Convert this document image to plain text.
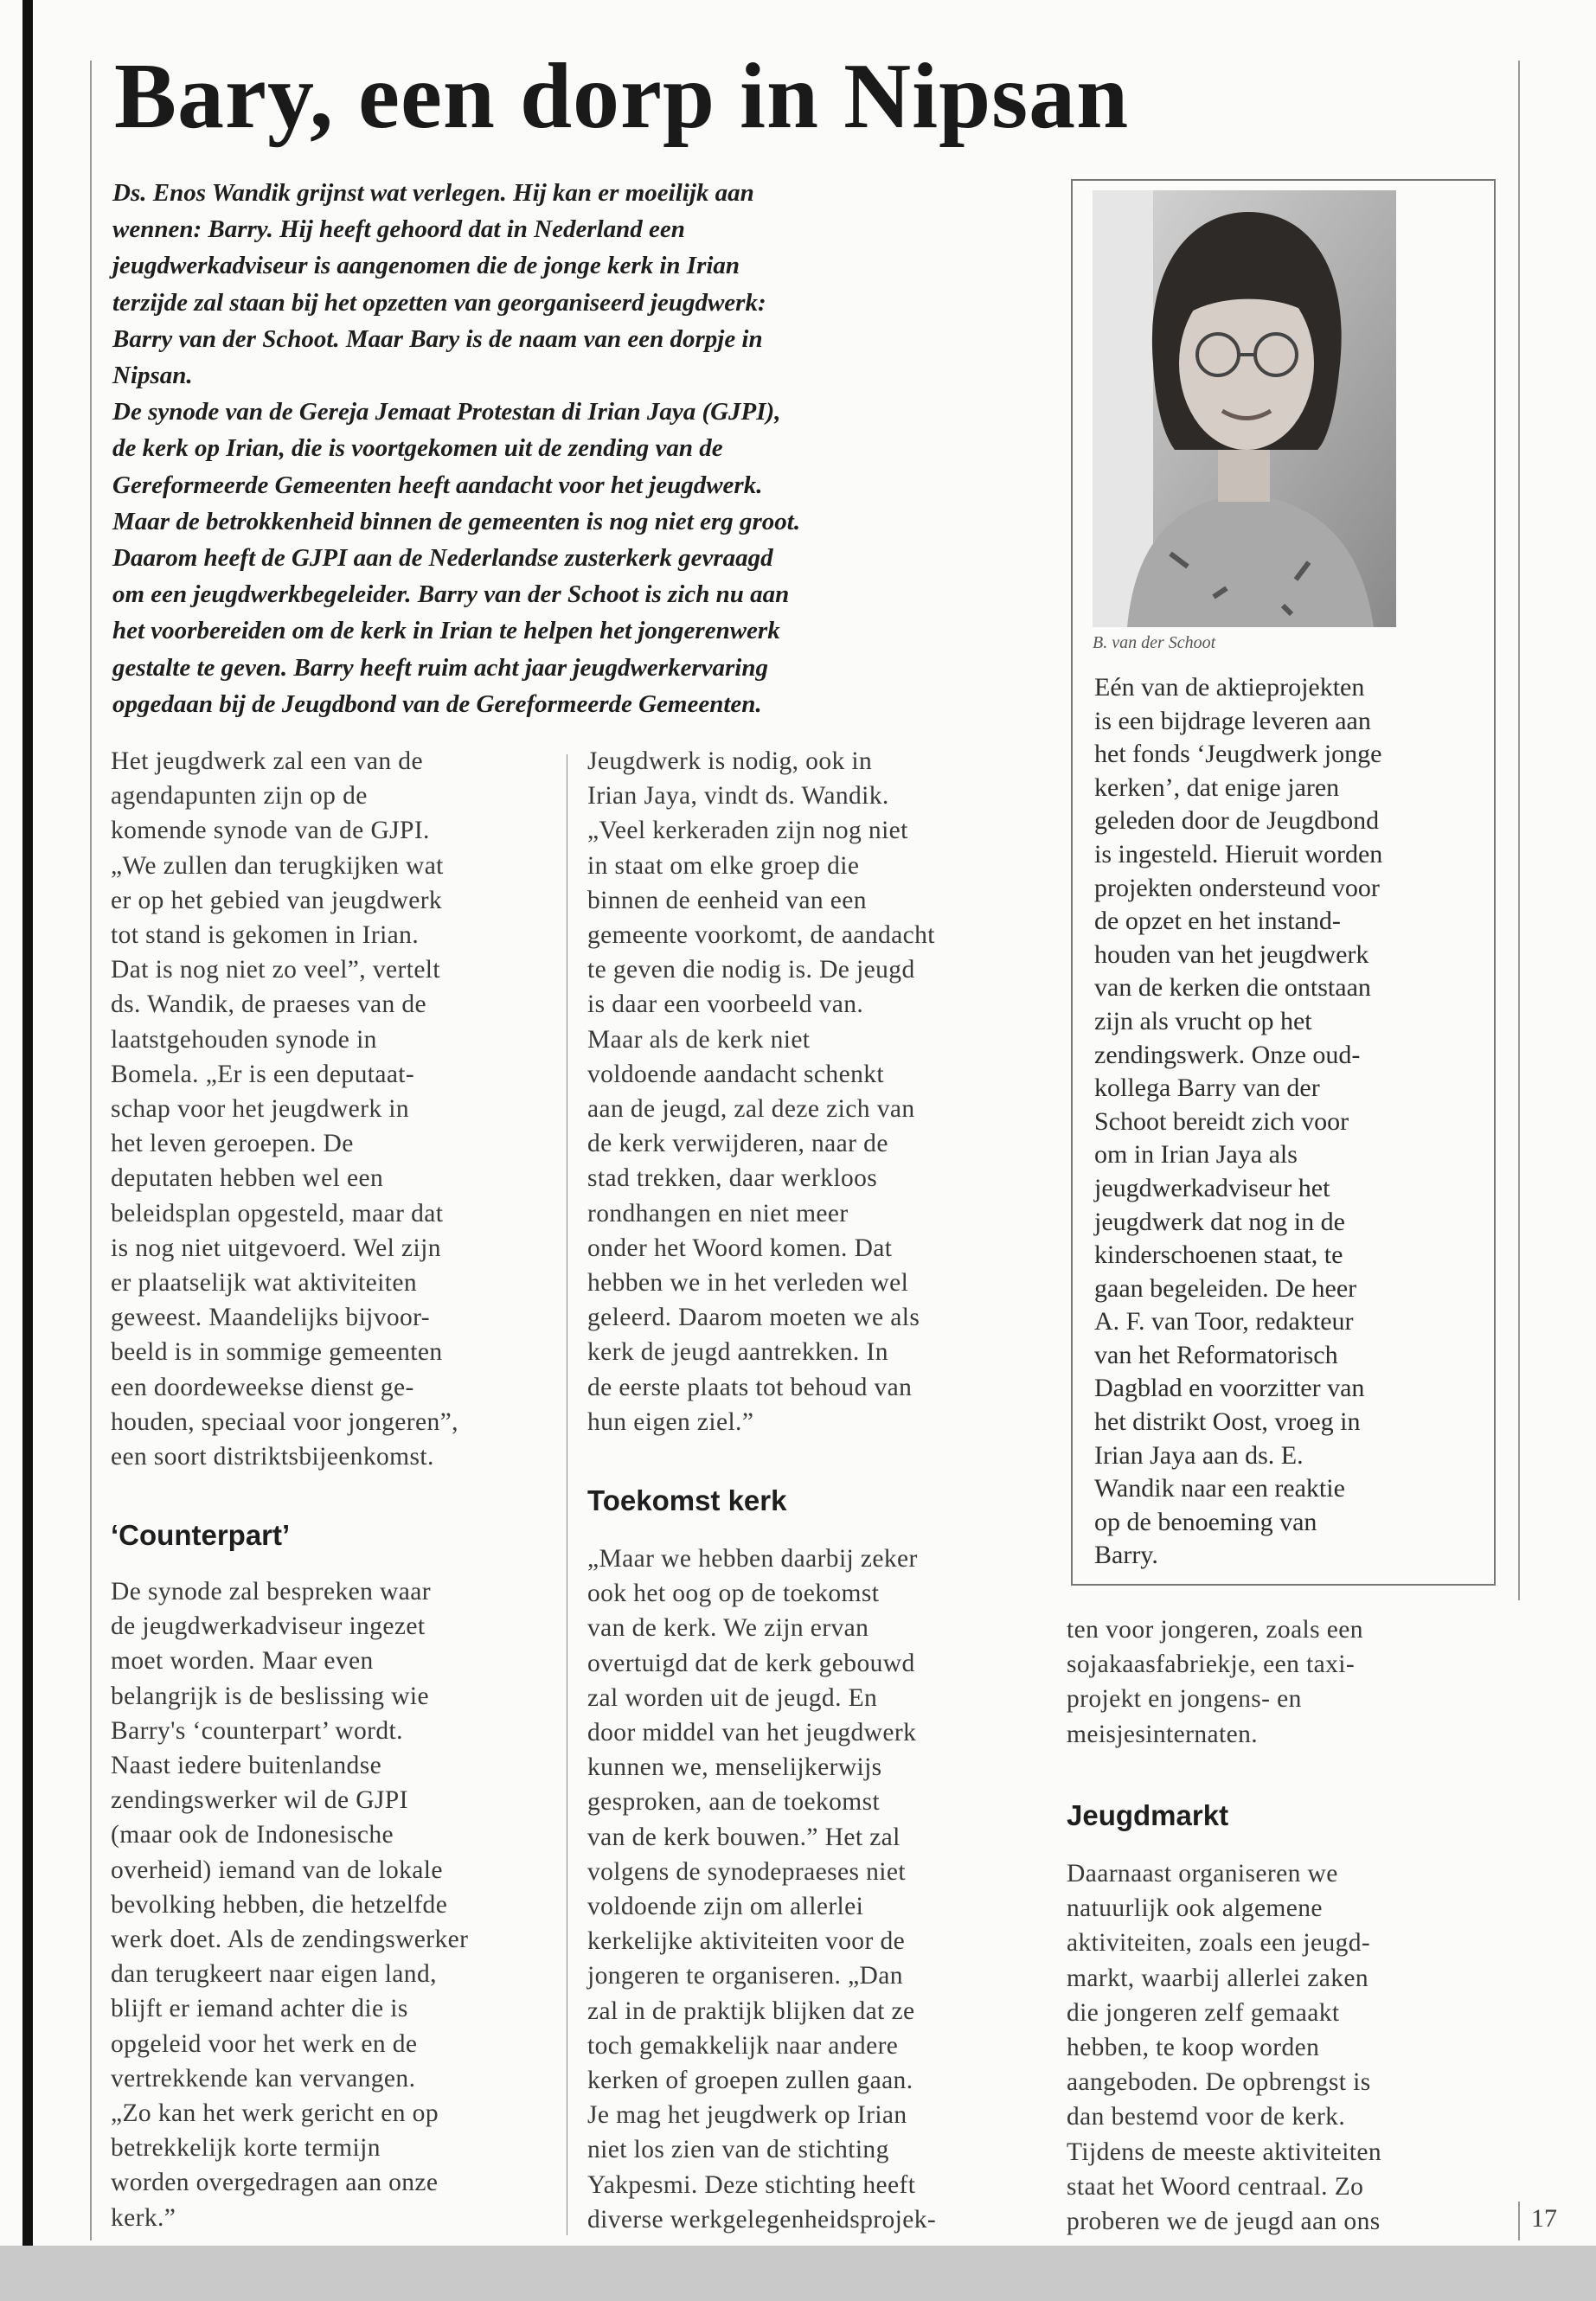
Bary, een dorp in Nipsan
Ds. Enos Wandik grijnst wat verlegen. Hij kan er moeilijk aan
wennen: Barry. Hij heeft gehoord dat in Nederland een
jeugdwerkadviseur is aangenomen die de jonge kerk in Irian
terzijde zal staan bij het opzetten van georganiseerd jeugdwerk:
Barry van der Schoot. Maar Bary is de naam van een dorpje in
Nipsan.
De synode van de Gereja Jemaat Protestan di Irian Jaya (GJPI),
de kerk op Irian, die is voortgekomen uit de zending van de
Gereformeerde Gemeenten heeft aandacht voor het jeugdwerk.
Maar de betrokkenheid binnen de gemeenten is nog niet erg groot.
Daarom heeft de GJPI aan de Nederlandse zusterkerk gevraagd
om een jeugdwerkbegeleider. Barry van der Schoot is zich nu aan
het voorbereiden om de kerk in Irian te helpen het jongerenwerk
gestalte te geven. Barry heeft ruim acht jaar jeugdwerkervaring
opgedaan bij de Jeugdbond van de Gereformeerde Gemeenten.
Het jeugdwerk zal een van de
agendapunten zijn op de
komende synode van de GJPI.
„We zullen dan terugkijken wat
er op het gebied van jeugdwerk
tot stand is gekomen in Irian.
Dat is nog niet zo veel”, vertelt
ds. Wandik, de praeses van de
laatstgehouden synode in
Bomela. „Er is een deputaat-
schap voor het jeugdwerk in
het leven geroepen. De
deputaten hebben wel een
beleidsplan opgesteld, maar dat
is nog niet uitgevoerd. Wel zijn
er plaatselijk wat aktiviteiten
geweest. Maandelijks bijvoor-
beeld is in sommige gemeenten
een doordeweekse dienst ge-
houden, speciaal voor jongeren”,
een soort distriktsbijeenkomst.
‘Counterpart’
De synode zal bespreken waar
de jeugdwerkadviseur ingezet
moet worden. Maar even
belangrijk is de beslissing wie
Barry's ‘counterpart’ wordt.
Naast iedere buitenlandse
zendingswerker wil de GJPI
(maar ook de Indonesische
overheid) iemand van de lokale
bevolking hebben, die hetzelfde
werk doet. Als de zendingswerker
dan terugkeert naar eigen land,
blijft er iemand achter die is
opgeleid voor het werk en de
vertrekkende kan vervangen.
„Zo kan het werk gericht en op
betrekkelijk korte termijn
worden overgedragen aan onze
kerk.”
Jeugdwerk is nodig, ook in
Irian Jaya, vindt ds. Wandik.
„Veel kerkeraden zijn nog niet
in staat om elke groep die
binnen de eenheid van een
gemeente voorkomt, de aandacht
te geven die nodig is. De jeugd
is daar een voorbeeld van.
Maar als de kerk niet
voldoende aandacht schenkt
aan de jeugd, zal deze zich van
de kerk verwijderen, naar de
stad trekken, daar werkloos
rondhangen en niet meer
onder het Woord komen. Dat
hebben we in het verleden wel
geleerd. Daarom moeten we als
kerk de jeugd aantrekken. In
de eerste plaats tot behoud van
hun eigen ziel.”
Toekomst kerk
„Maar we hebben daarbij zeker
ook het oog op de toekomst
van de kerk. We zijn ervan
overtuigd dat de kerk gebouwd
zal worden uit de jeugd. En
door middel van het jeugdwerk
kunnen we, menselijkerwijs
gesproken, aan de toekomst
van de kerk bouwen.” Het zal
volgens de synodepraeses niet
voldoende zijn om allerlei
kerkelijke aktiviteiten voor de
jongeren te organiseren. „Dan
zal in de praktijk blijken dat ze
toch gemakkelijk naar andere
kerken of groepen zullen gaan.
Je mag het jeugdwerk op Irian
niet los zien van de stichting
Yakpesmi. Deze stichting heeft
diverse werkgelegenheidsprojek-
B. van der Schoot
Eén van de aktieprojekten
is een bijdrage leveren aan
het fonds ‘Jeugdwerk jonge
kerken’, dat enige jaren
geleden door de Jeugdbond
is ingesteld. Hieruit worden
projekten ondersteund voor
de opzet en het instand-
houden van het jeugdwerk
van de kerken die ontstaan
zijn als vrucht op het
zendingswerk. Onze oud-
kollega Barry van der
Schoot bereidt zich voor
om in Irian Jaya als
jeugdwerkadviseur het
jeugdwerk dat nog in de
kinderschoenen staat, te
gaan begeleiden. De heer
A. F. van Toor, redakteur
van het Reformatorisch
Dagblad en voorzitter van
het distrikt Oost, vroeg in
Irian Jaya aan ds. E.
Wandik naar een reaktie
op de benoeming van
Barry.
ten voor jongeren, zoals een
sojakaasfabriekje, een taxi-
projekt en jongens- en
meisjesinternaten.
Jeugdmarkt
Daarnaast organiseren we
natuurlijk ook algemene
aktiviteiten, zoals een jeugd-
markt, waarbij allerlei zaken
die jongeren zelf gemaakt
hebben, te koop worden
aangeboden. De opbrengst is
dan bestemd voor de kerk.
Tijdens de meeste aktiviteiten
staat het Woord centraal. Zo
proberen we de jeugd aan ons	17
